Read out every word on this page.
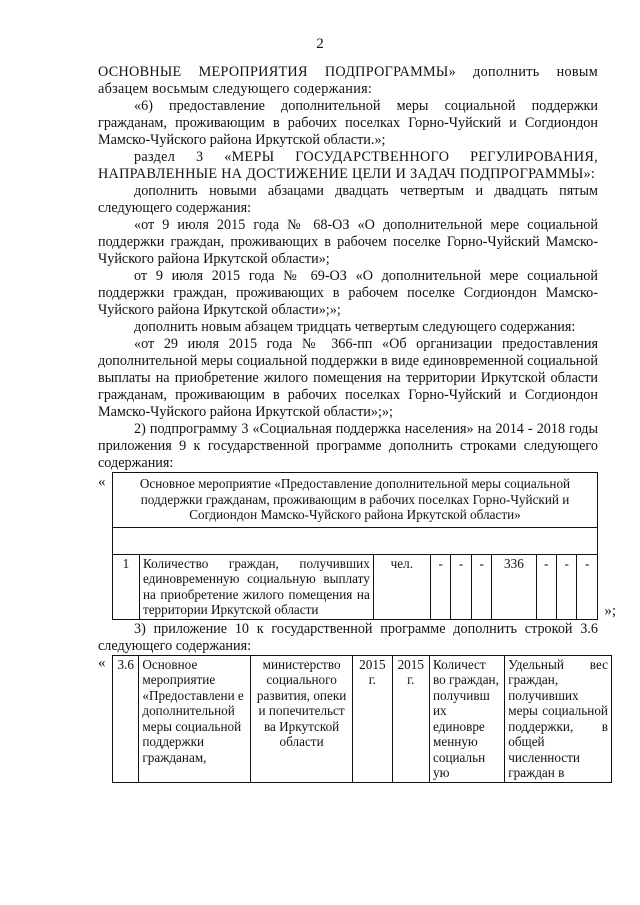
2

ОСНОВНЫЕ МЕРОПРИЯТИЯ ПОДПРОГРАММЫ» дополнить новым абзацем восьмым следующего содержания:

«6) предоставление дополнительной меры социальной поддержки гражданам, проживающим в рабочих поселках Горно-Чуйский и Согдиондон Мамско-Чуйского района Иркутской области.»;

раздел 3 «МЕРЫ ГОСУДАРСТВЕННОГО РЕГУЛИРОВАНИЯ, НАПРАВЛЕННЫЕ НА ДОСТИЖЕНИЕ ЦЕЛИ И ЗАДАЧ ПОДПРОГРАММЫ»:

дополнить новыми абзацами двадцать четвертым и двадцать пятым следующего содержания:

«от 9 июля 2015 года № 68-ОЗ «О дополнительной мере социальной поддержки граждан, проживающих в рабочем поселке Горно-Чуйский Мамско-Чуйского района Иркутской области»;

от 9 июля 2015 года № 69-ОЗ «О дополнительной мере социальной поддержки граждан, проживающих в рабочем поселке Согдиондон Мамско-Чуйского района Иркутской области»;»;

дополнить новым абзацем тридцать четвертым следующего содержания:

«от 29 июля 2015 года № 366-пп «Об организации предоставления дополнительной меры социальной поддержки в виде единовременной социальной выплаты на приобретение жилого помещения на территории Иркутской области гражданам, проживающим в рабочих поселках Горно-Чуйский и Согдиондон Мамско-Чуйского района Иркутской области»;»;

2) подпрограмму 3 «Социальная поддержка населения» на 2014 - 2018 годы приложения 9 к государственной программе дополнить строками следующего содержания:

«	Основное мероприятие «Предоставление дополнительной меры социальной поддержки гражданам, проживающим в рабочих поселках Горно-Чуйский и Согдиондон Мамско-Чуйского района Иркутской области»

1	Количество граждан, получивших единовременную социальную выплату на приобретение жилого помещения на территории Иркутской области	чел.	-	-	-	336	-	-	-
»;

3) приложение 10 к государственной программе дополнить строкой 3.6 следующего содержания:

« 3.6	Основное мероприятие «Предоставлени е дополнительной меры социальной поддержки гражданам,	министерство социального развития, опеки и попечительст ва Иркутской области	2015 г.	2015 г.	Количест во граждан, получивш их единовре менную социальн ую	Удельный вес граждан, получивших меры социальной поддержки, в общей численности граждан в
